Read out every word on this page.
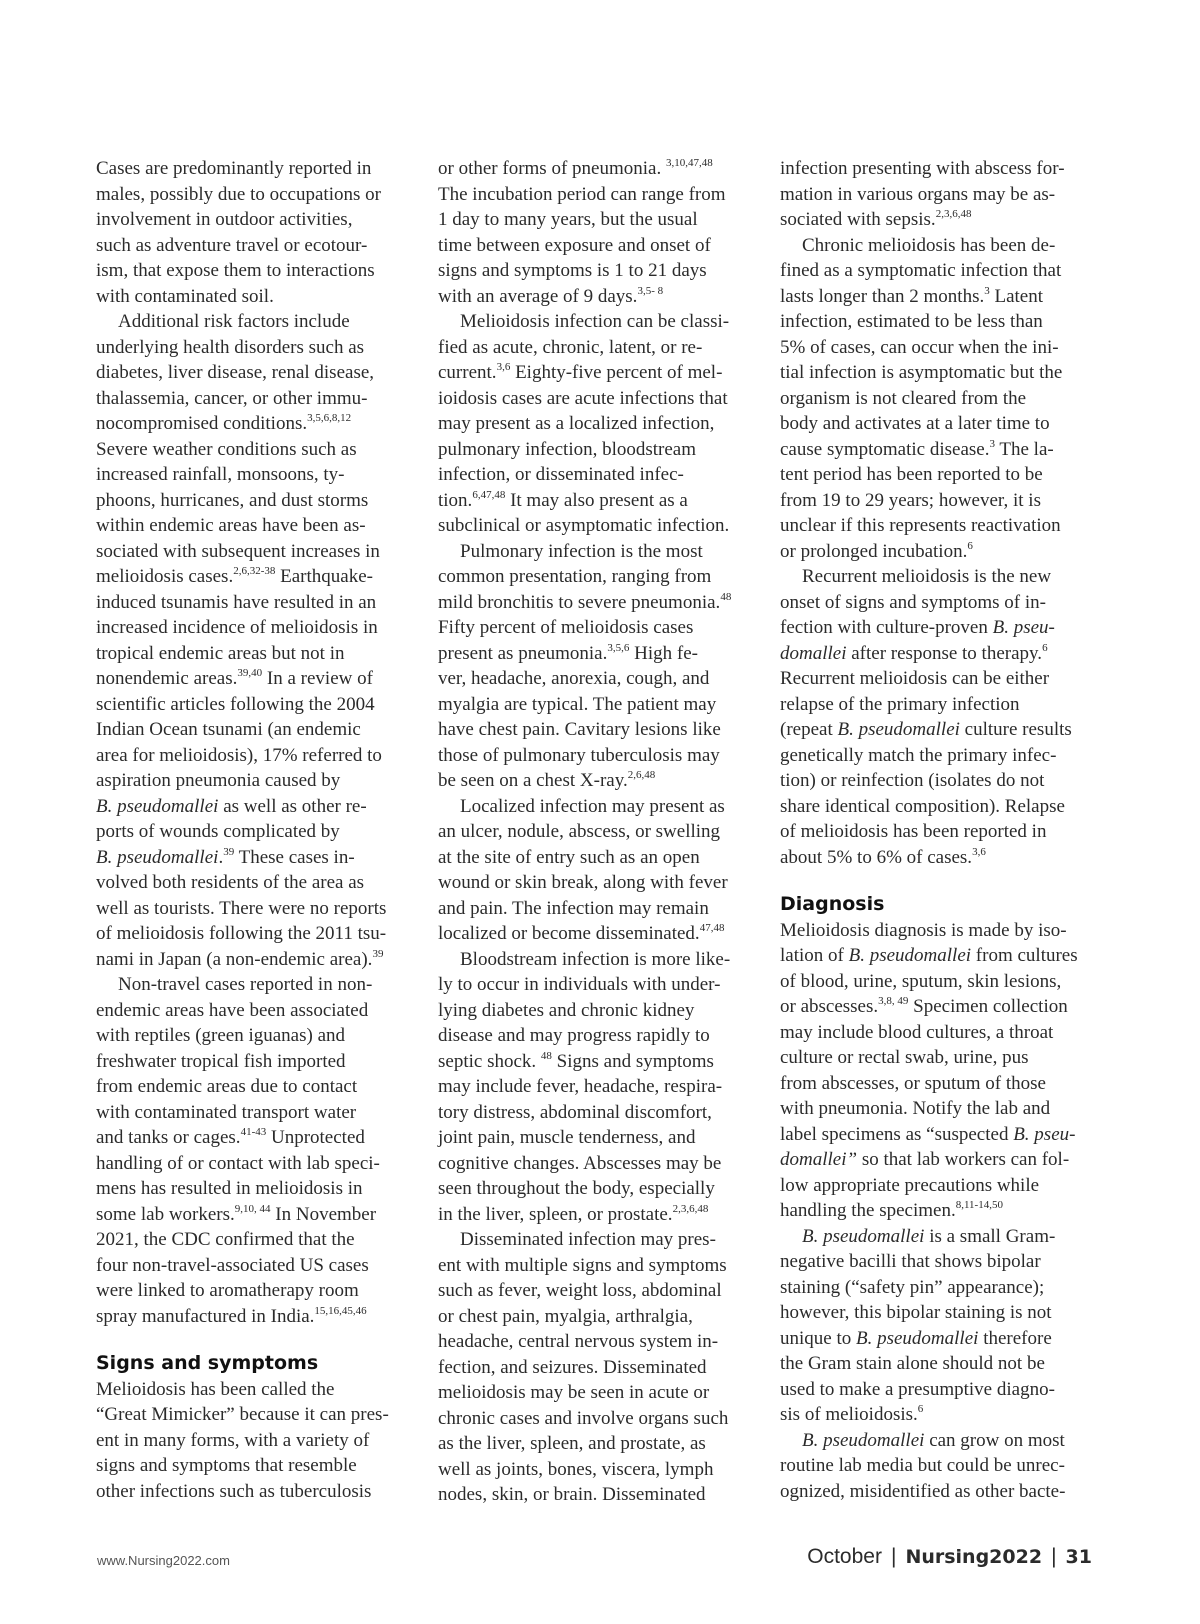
Cases are predominantly reported in
males, possibly due to occupations or
involvement in outdoor activities,
such as adventure travel or ecotour-
ism, that expose them to interactions
with contaminated soil.
Additional risk factors include
underlying health disorders such as
diabetes, liver disease, renal disease,
thalassemia, cancer, or other immu-
nocompromised conditions.$^{3,5,6,8,12}$
Severe weather conditions such as
increased rainfall, monsoons, ty-
phoons, hurricanes, and dust storms
within endemic areas have been as-
sociated with subsequent increases in
melioidosis cases.$^{2,6,32-38}$ Earthquake-
induced tsunamis have resulted in an
increased incidence of melioidosis in
tropical endemic areas but not in
nonendemic areas.$^{39,40}$ In a review of
scientific articles following the 2004
Indian Ocean tsunami (an endemic
area for melioidosis), 17% referred to
aspiration pneumonia caused by
B. pseudomallei as well as other re-
ports of wounds complicated by
B. pseudomallei.$^{39}$ These cases in-
volved both residents of the area as
well as tourists. There were no reports
of melioidosis following the 2011 tsu-
nami in Japan (a non-endemic area).$^{39}$
Non-travel cases reported in non-
endemic areas have been associated
with reptiles (green iguanas) and
freshwater tropical fish imported
from endemic areas due to contact
with contaminated transport water
and tanks or cages.$^{41-43}$ Unprotected
handling of or contact with lab speci-
mens has resulted in melioidosis in
some lab workers.$^{9,10, 44}$ In November
2021, the CDC confirmed that the
four non-travel-associated US cases
were linked to aromatherapy room
spray manufactured in India.$^{15,16,45,46}$
Signs and symptoms
Melioidosis has been called the
“Great Mimicker” because it can pres-
ent in many forms, with a variety of
signs and symptoms that resemble
other infections such as tuberculosis
or other forms of pneumonia. $^{3,10,47,48}$
The incubation period can range from
1 day to many years, but the usual
time between exposure and onset of
signs and symptoms is 1 to 21 days
with an average of 9 days.$^{3,5- 8}$
Melioidosis infection can be classi-
fied as acute, chronic, latent, or re-
current.$^{3,6}$ Eighty-five percent of mel-
ioidosis cases are acute infections that
may present as a localized infection,
pulmonary infection, bloodstream
infection, or disseminated infec-
tion.$^{6,47,48}$ It may also present as a
subclinical or asymptomatic infection.
Pulmonary infection is the most
common presentation, ranging from
mild bronchitis to severe pneumonia.$^{48}$
Fifty percent of melioidosis cases
present as pneumonia.$^{3,5,6}$ High fe-
ver, headache, anorexia, cough, and
myalgia are typical. The patient may
have chest pain. Cavitary lesions like
those of pulmonary tuberculosis may
be seen on a chest X-ray.$^{2,6,48}$
Localized infection may present as
an ulcer, nodule, abscess, or swelling
at the site of entry such as an open
wound or skin break, along with fever
and pain. The infection may remain
localized or become disseminated.$^{47,48}$
Bloodstream infection is more like-
ly to occur in individuals with under-
lying diabetes and chronic kidney
disease and may progress rapidly to
septic shock. $^{48}$ Signs and symptoms
may include fever, headache, respira-
tory distress, abdominal discomfort,
joint pain, muscle tenderness, and
cognitive changes. Abscesses may be
seen throughout the body, especially
in the liver, spleen, or prostate.$^{2,3,6,48}$
Disseminated infection may pres-
ent with multiple signs and symptoms
such as fever, weight loss, abdominal
or chest pain, myalgia, arthralgia,
headache, central nervous system in-
fection, and seizures. Disseminated
melioidosis may be seen in acute or
chronic cases and involve organs such
as the liver, spleen, and prostate, as
well as joints, bones, viscera, lymph
nodes, skin, or brain. Disseminated
infection presenting with abscess for-
mation in various organs may be as-
sociated with sepsis.$^{2,3,6,48}$
Chronic melioidosis has been de-
fined as a symptomatic infection that
lasts longer than 2 months.$^3$ Latent
infection, estimated to be less than
5% of cases, can occur when the ini-
tial infection is asymptomatic but the
organism is not cleared from the
body and activates at a later time to
cause symptomatic disease.$^3$ The la-
tent period has been reported to be
from 19 to 29 years; however, it is
unclear if this represents reactivation
or prolonged incubation.$^6$
Recurrent melioidosis is the new
onset of signs and symptoms of in-
fection with culture-proven B. pseu-
domallei after response to therapy.$^6$
Recurrent melioidosis can be either
relapse of the primary infection
(repeat B. pseudomallei culture results
genetically match the primary infec-
tion) or reinfection (isolates do not
share identical composition). Relapse
of melioidosis has been reported in
about 5% to 6% of cases.$^{3,6}$
Diagnosis
Melioidosis diagnosis is made by iso-
lation of B. pseudomallei from cultures
of blood, urine, sputum, skin lesions,
or abscesses.$^{3,8, 49}$ Specimen collection
may include blood cultures, a throat
culture or rectal swab, urine, pus
from abscesses, or sputum of those
with pneumonia. Notify the lab and
label specimens as “suspected B. pseu-
domallei” so that lab workers can fol-
low appropriate precautions while
handling the specimen.$^{8,11-14,50}$
B. pseudomallei is a small Gram-
negative bacilli that shows bipolar
staining (“safety pin” appearance);
however, this bipolar staining is not
unique to B. pseudomallei therefore
the Gram stain alone should not be
used to make a presumptive diagno-
sis of melioidosis.$^6$
B. pseudomallei can grow on most
routine lab media but could be unrec-
ognized, misidentified as other bacte-
www.Nursing2022.com	October | Nursing2022 | 31
